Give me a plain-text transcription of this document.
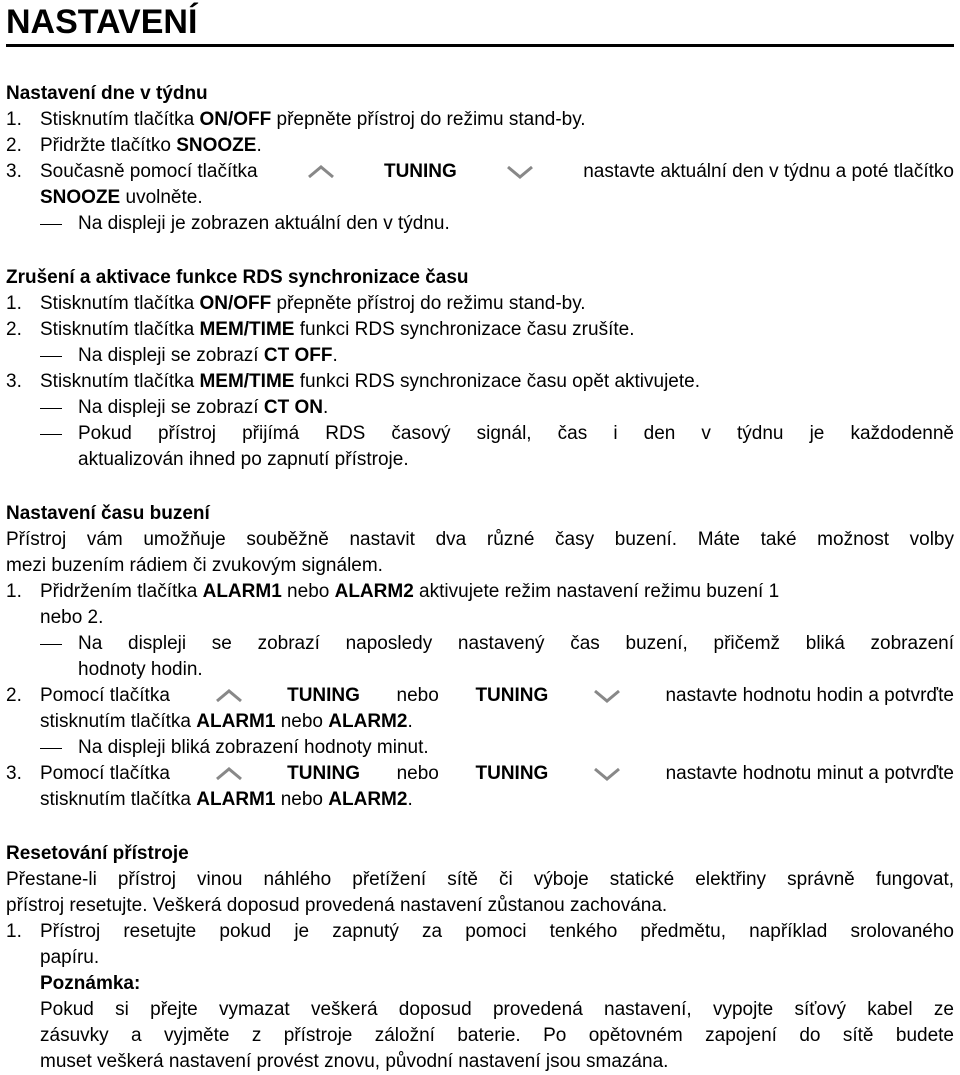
NASTAVENÍ
Nastavení dne v týdnu
1. Stisknutím tlačítka ON/OFF přepněte přístroj do režimu stand-by.
2. Přidržte tlačítko SNOOZE.
3. Současně pomocí tlačítka	TUNING	nastavte aktuální den v týdnu a poté tlačítko
SNOOZE uvolněte.
Na displeji je zobrazen aktuální den v týdnu.
Zrušení a aktivace funkce RDS synchronizace času
1. Stisknutím tlačítka ON/OFF přepněte přístroj do režimu stand-by.
2. Stisknutím tlačítka MEM/TIME funkci RDS synchronizace času zrušíte.
Na displeji se zobrazí CT OFF.
3. Stisknutím tlačítka MEM/TIME funkci RDS synchronizace času opět aktivujete.
Na displeji se zobrazí CT ON.
Pokud přístroj přijímá RDS časový signál, čas i den v týdnu je každodenně
aktualizován ihned po zapnutí přístroje.
Nastavení času buzení
Přístroj vám umožňuje souběžně nastavit dva různé časy buzení. Máte také možnost volby
mezi buzením rádiem či zvukovým signálem.
1. Přidržením tlačítka ALARM1 nebo ALARM2 aktivujete režim nastavení režimu buzení 1
nebo 2.
Na displeji se zobrazí naposledy nastavený čas buzení, přičemž bliká zobrazení
hodnoty hodin.
2. Pomocí tlačítka	TUNING nebo TUNING	nastavte hodnotu hodin a potvrďte
stisknutím tlačítka ALARM1 nebo ALARM2.
Na displeji bliká zobrazení hodnoty minut.
3. Pomocí tlačítka	TUNING nebo TUNING	nastavte hodnotu minut a potvrďte
stisknutím tlačítka ALARM1 nebo ALARM2.
Resetování přístroje
Přestane-li přístroj vinou náhlého přetížení sítě či výboje statické elektřiny správně fungovat,
přístroj resetujte. Veškerá doposud provedená nastavení zůstanou zachována.
1. Přístroj resetujte pokud je zapnutý za pomoci tenkého předmětu, například srolovaného
papíru.
Poznámka:
Pokud si přejte vymazat veškerá doposud provedená nastavení, vypojte síťový kabel ze
zásuvky a vyjměte z přístroje záložní baterie. Po opětovném zapojení do sítě budete
muset veškerá nastavení provést znovu, původní nastavení jsou smazána.
